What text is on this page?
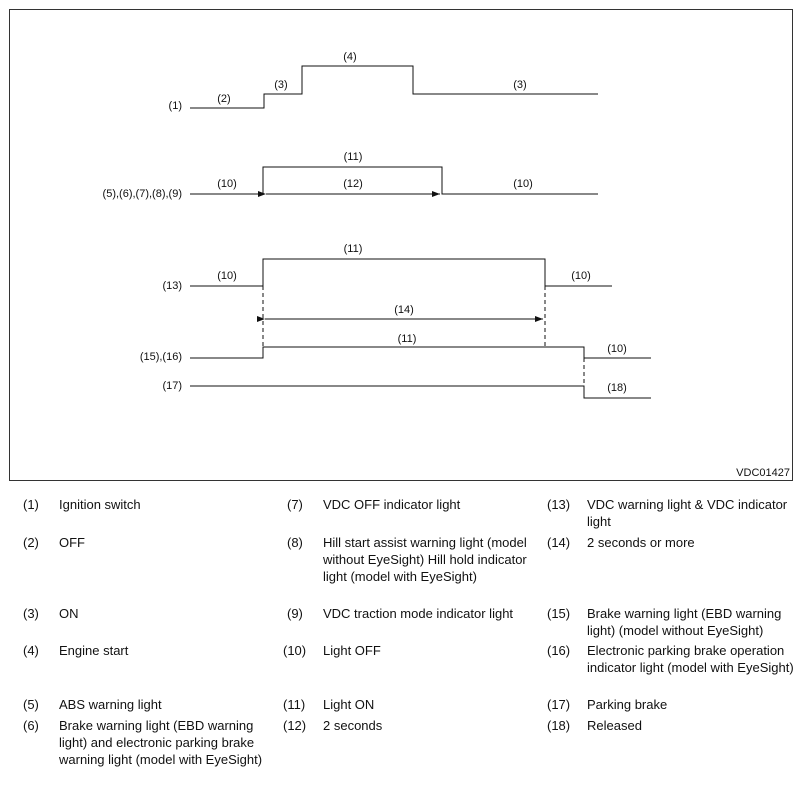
(1)
(2)
(3)
(4)
(3)
(5),(6),(7),(8),(9)
(10)
(11)
(12)	(10)
(13)
(10)
(11)
(10)
(14)
(15),(16)
(11)
(10)
(17)	(18)
VDC01427
(1) Ignition switch
(2) OFF
(3) ON
(4) Engine start
(5) ABS warning light
(6) Brake warning light (EBD warning light) and electronic parking brake warning light (model with EyeSight)
(7) VDC OFF indicator light
(8) Hill start assist warning light (model without EyeSight) Hill hold indicator light (model with EyeSight)
(9) VDC traction mode indicator light
(10) Light OFF
(11) Light ON
(12) 2 seconds
(13) VDC warning light & VDC indicator light
(14) 2 seconds or more
(15) Brake warning light (EBD warning light) (model without EyeSight)
(16) Electronic parking brake operation indicator light (model with EyeSight)
(17) Parking brake
(18) Released
